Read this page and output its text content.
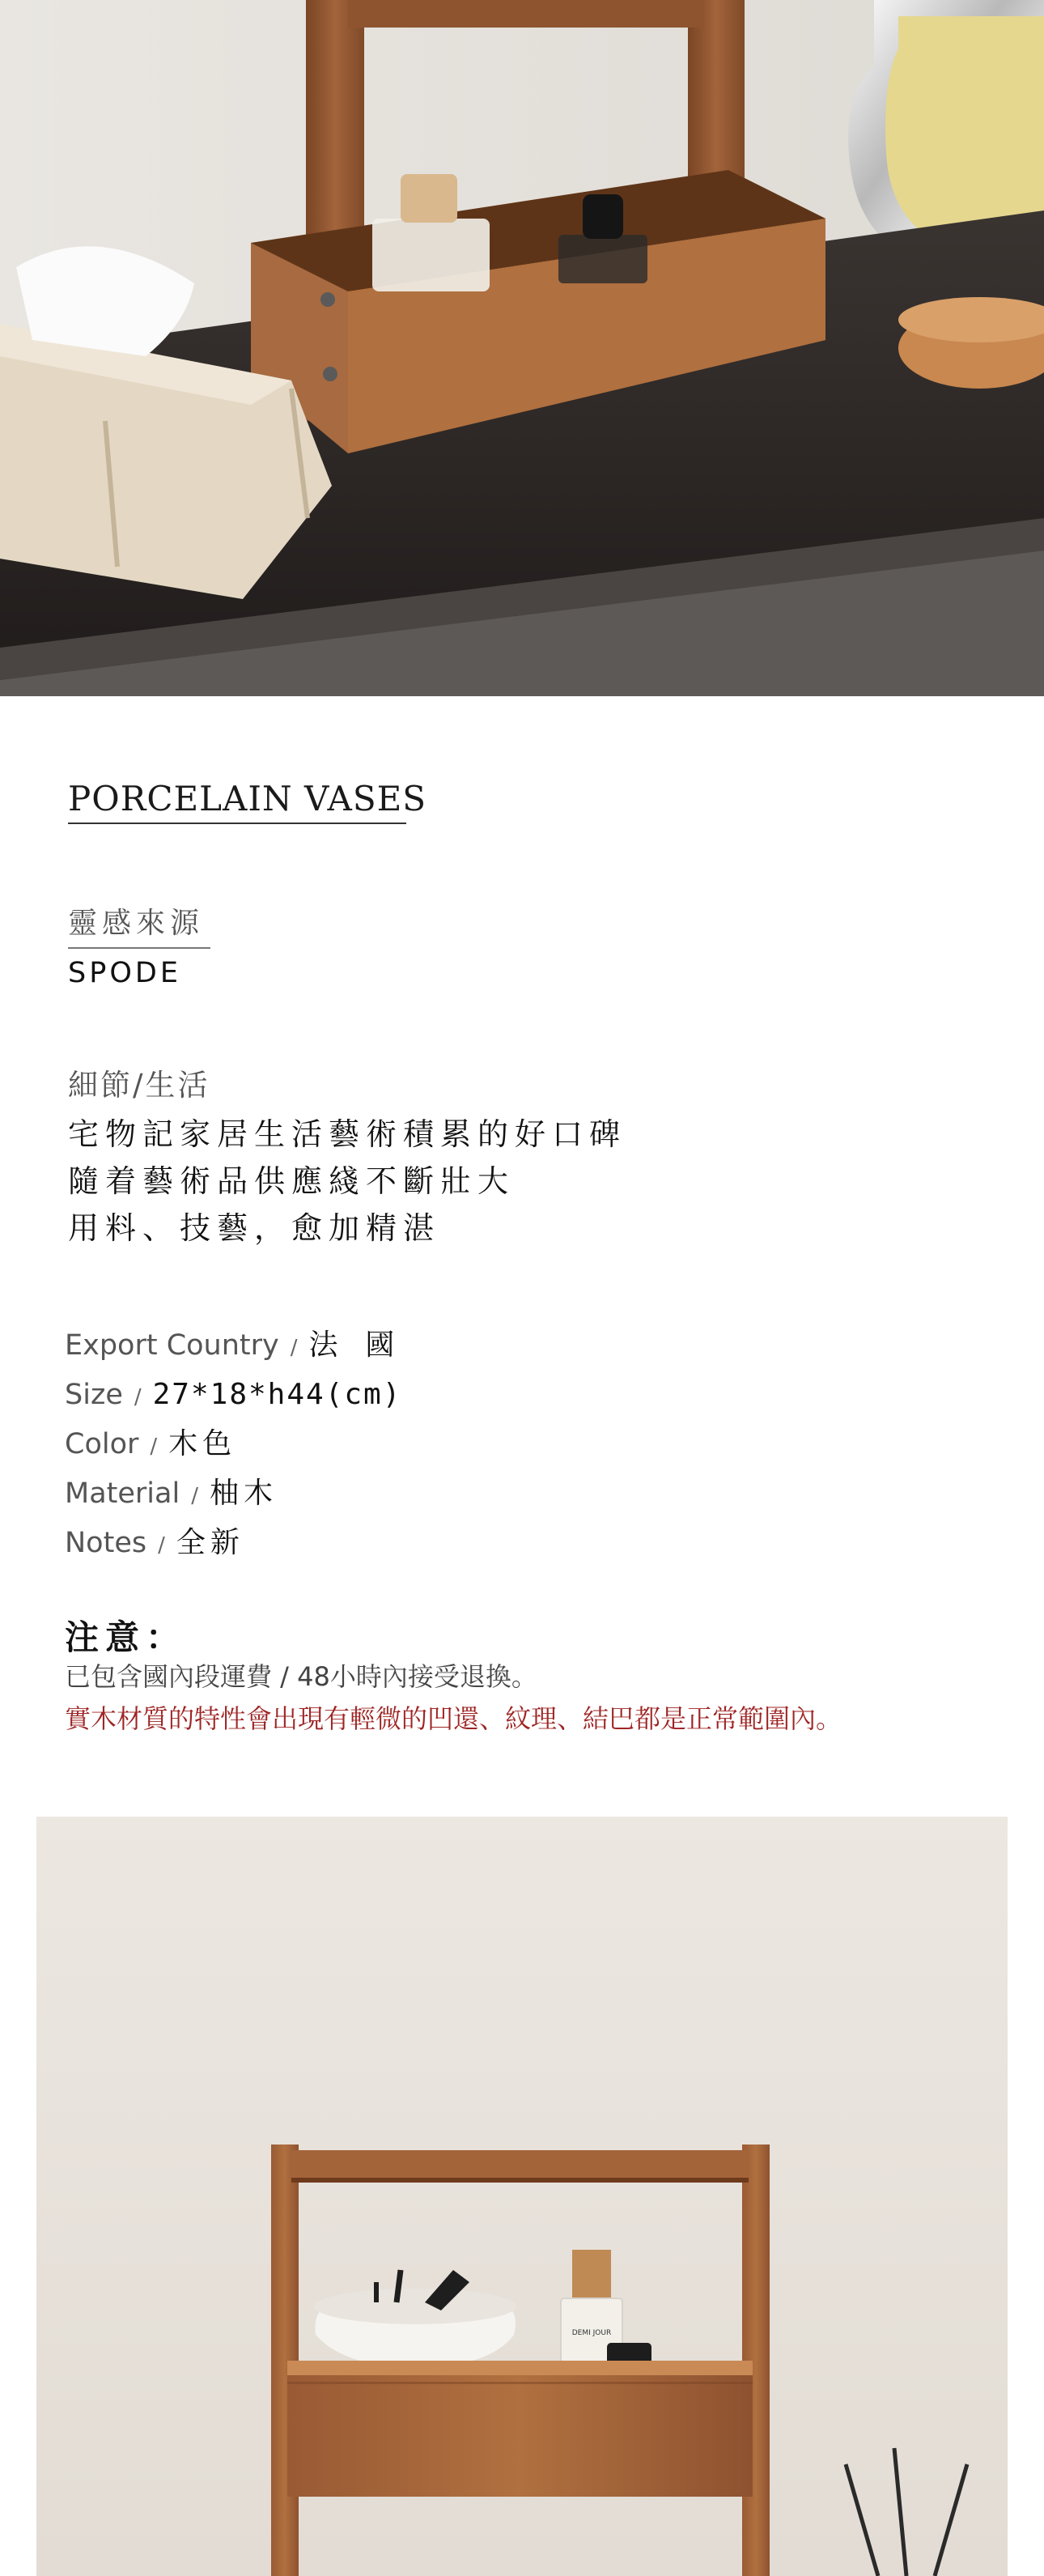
PORCELAIN VASES
靈感來源
SPODE
細節/生活
宅物記家居生活藝術積累的好口碑
隨着藝術品供應綫不斷壯大
用料、技藝，愈加精湛
Export Country / 法 國
Size / 27*18*h44(cm)
Color / 木色
Material / 柚木
Notes / 全新
注意：
已包含國內段運費 / 48小時內接受退換。
實木材質的特性會出現有輕微的凹還、紋理、結巴都是正常範圍內。
DEMI JOUR
